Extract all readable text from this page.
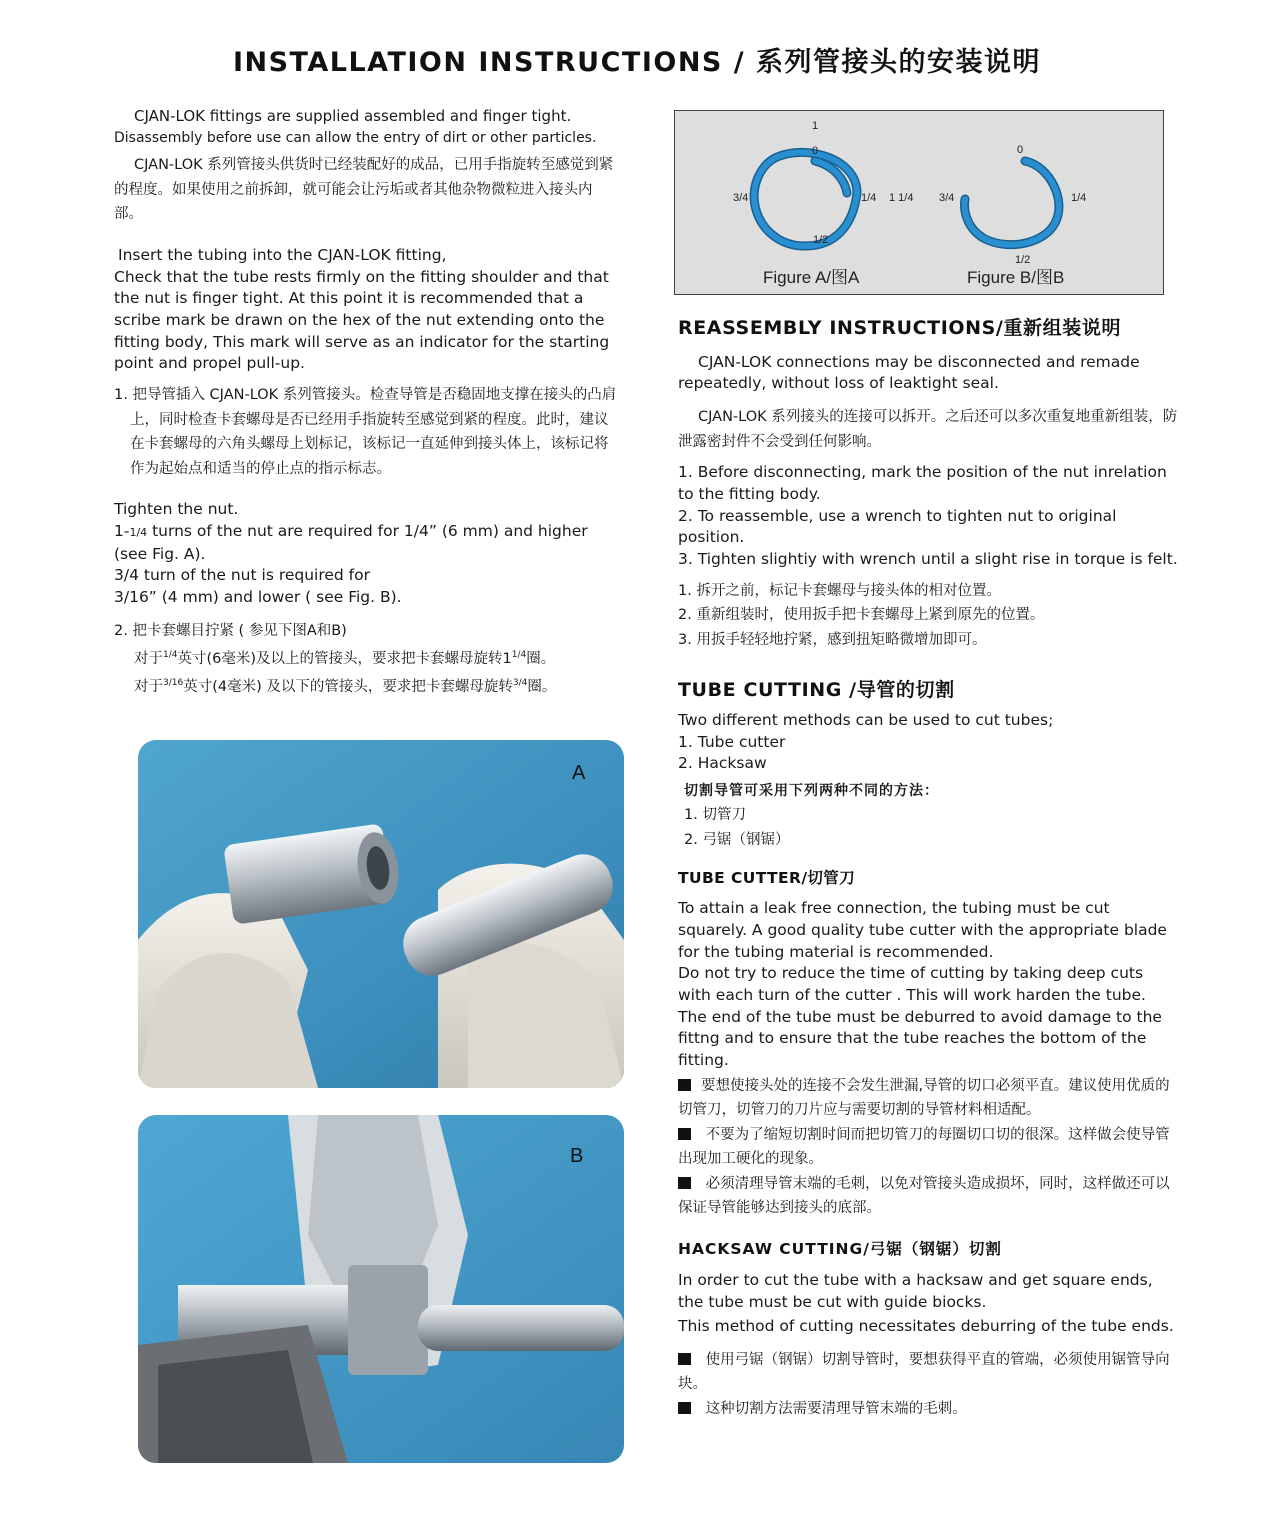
INSTALLATION INSTRUCTIONS / 系列管接头的安装说明

CJAN-LOK fittings are supplied assembled and finger tight.

Disassembly before use can allow the entry of dirt or other particles.

CJAN-LOK 系列管接头供货时已经装配好的成品，已用手指旋转至感觉到紧的程度。如果使用之前拆卸，就可能会让污垢或者其他杂物微粒进入接头内部。

Insert the tubing into the CJAN-LOK fitting,

Check that the tube rests firmly on the fitting shoulder and that the nut is finger tight. At this point it is recommended that a scribe mark be drawn on the hex of the nut extending onto the fitting body, This mark will serve as an indicator for the starting point and propel pull-up.

1. 把导管插入 CJAN-LOK 系列管接头。检查导管是否稳固地支撑在接头的凸肩上，同时检查卡套螺母是否已经用手指旋转至感觉到紧的程度。此时，建议在卡套螺母的六角头螺母上划标记，该标记一直延伸到接头体上，该标记将作为起始点和适当的停止点的指示标志。

Tighten the nut.

1-1/4 turns of the nut are required for 1/4” (6 mm) and higher (see Fig. A).

3/4 turn of the nut is required for

3/16” (4 mm) and lower ( see Fig. B).

2. 把卡套螺目拧紧 ( 参见下图A和B)

对于$^{1/4}$英寸(6毫米)及以上的管接头，要求把卡套螺母旋转$1^{1/4}$圈。

对于$^{3/16}$英寸(4毫米) 及以下的管接头，要求把卡套螺母旋转$^{3/4}$圈。

A
B
1
0
3/4	1/4 1 1/4
1/2
Figure A/图A
0
3/4	1/4
1/2
Figure B/图B

REASSEMBLY INSTRUCTIONS/重新组装说明

CJAN-LOK connections may be disconnected and remade repeatedly, without loss of leaktight seal.

CJAN-LOK 系列接头的连接可以拆开。之后还可以多次重复地重新组装，防泄露密封件不会受到任何影响。

1. Before disconnecting, mark the position of the nut inrelation to the fitting body.

2. To reassemble, use a wrench to tighten nut to original position.

3. Tighten slightiy with wrench until a slight rise in torque is felt.

1. 拆开之前，标记卡套螺母与接头体的相对位置。

2. 重新组装时，使用扳手把卡套螺母上紧到原先的位置。

3. 用扳手轻轻地拧紧，感到扭矩略微增加即可。

TUBE CUTTING /导管的切割

Two different methods can be used to cut tubes;

1. Tube cutter

2. Hacksaw

切割导管可采用下列两种不同的方法：

1. 切管刀

2. 弓锯（钢锯）

TUBE CUTTER/切管刀

To attain a leak free connection, the tubing must be cut squarely. A good quality tube cutter with the appropriate blade for the tubing material is recommended.

Do not try to reduce the time of cutting by taking deep cuts with each turn of the cutter . This will work harden the tube. The end of the tube must be deburred to avoid damage to the fittng and to ensure that the tube reaches the bottom of the fitting.

要想使接头处的连接不会发生泄漏,导管的切口必须平直。建议使用优质的切管刀，切管刀的刀片应与需要切割的导管材料相适配。

不要为了缩短切割时间而把切管刀的每圈切口切的很深。这样做会使导管出现加工硬化的现象。

必须清理导管末端的毛刺，以免对管接头造成损坏，同时，这样做还可以保证导管能够达到接头的底部。

HACKSAW CUTTING/弓锯（钢锯）切割

In order to cut the tube with a hacksaw and get square ends, the tube must be cut with guide biocks.

This method of cutting necessitates deburring of the tube ends.

使用弓锯（钢锯）切割导管时，要想获得平直的管端，必须使用锯管导向块。

这种切割方法需要清理导管末端的毛刺。
